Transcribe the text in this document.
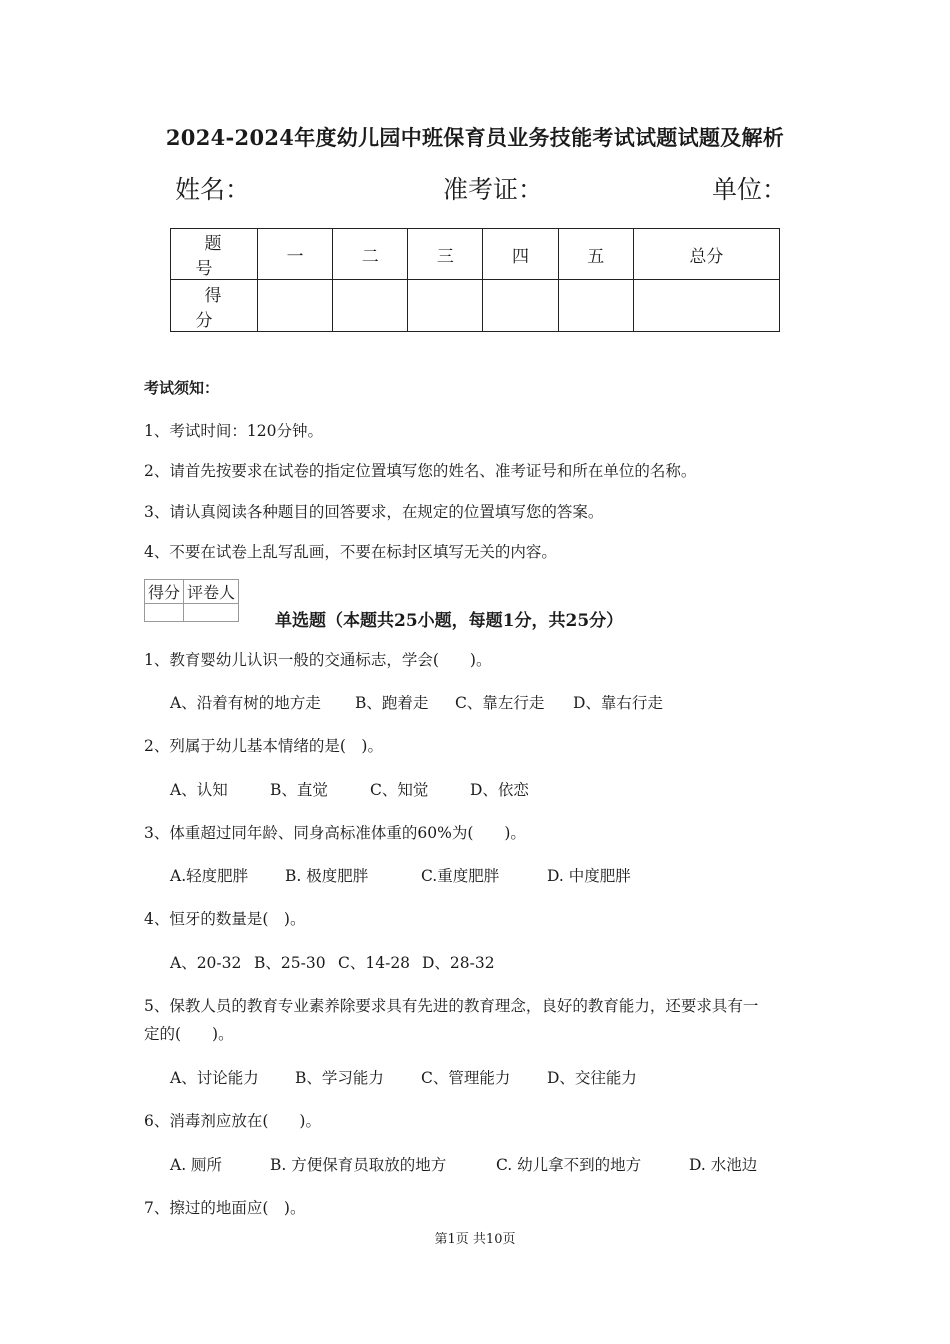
2024-2024年度幼儿园中班保育员业务技能考试试题试题及解析
姓名：	准考证：	单位：
题号	一	二	三	四	五	总分
得分						
考试须知：
1、考试时间：120分钟。
2、请首先按要求在试卷的指定位置填写您的姓名、准考证号和所在单位的名称。
3、请认真阅读各种题目的回答要求，在规定的位置填写您的答案。
4、不要在试卷上乱写乱画，不要在标封区填写无关的内容。
得分	评卷人

单选题（本题共25小题，每题1分，共25分）
1、教育婴幼儿认识一般的交通标志，学会(　　)。
A、沿着有树的地方走 B、跑着走 C、靠左行走 D、靠右行走
2、列属于幼儿基本情绪的是(　)。
A、认知	B、直觉	C、知觉	D、依恋
3、体重超过同年龄、同身高标准体重的60%为(　　)。
A.轻度肥胖 B. 极度肥胖	C.重度肥胖	D. 中度肥胖
4、恒牙的数量是(　)。
A、20-32 B、25-30 C、14-28 D、28-32
5、保教人员的教育专业素养除要求具有先进的教育理念，良好的教育能力，还要求具有一
定的(　　)。
A、讨论能力 B、学习能力 C、管理能力 D、交往能力
6、消毒剂应放在(　　)。
A. 厕所	B. 方便保育员取放的地方	C. 幼儿拿不到的地方	D. 水池边
7、擦过的地面应(　)。
第1页 共10页
